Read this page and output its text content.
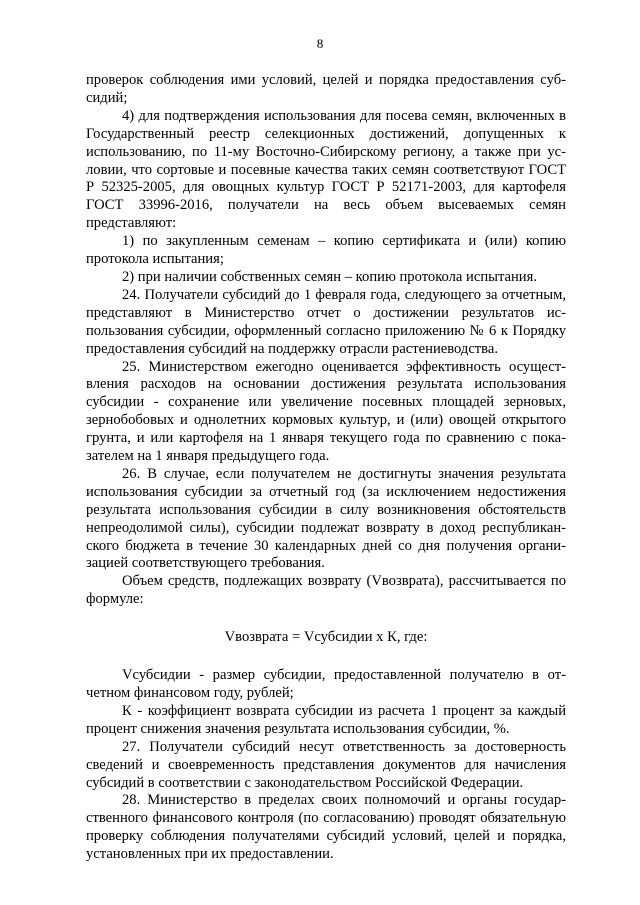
8

проверок соблюдения ими условий, целей и порядка предоставления субсидий;

4) для подтверждения использования для посева семян, включенных в Государственный реестр селекционных достижений, допущенных к использованию, по 11-му Восточно-Сибирскому региону, а также при условии, что сортовые и посевные качества таких семян соответствуют ГОСТ Р 52325-2005, для овощных культур ГОСТ Р 52171-2003, для картофеля ГОСТ 33996-2016, получатели на весь объем высеваемых семян представляют:

1) по закупленным семенам – копию сертификата и (или) копию протокола испытания;

2) при наличии собственных семян – копию протокола испытания.

24. Получатели субсидий до 1 февраля года, следующего за отчетным, представляют в Министерство отчет о достижении результатов использования субсидии, оформленный согласно приложению № 6 к Порядку предоставления субсидий на поддержку отрасли растениеводства.

25. Министерством ежегодно оценивается эффективность осуществления расходов на основании достижения результата использования субсидии - сохранение или увеличение посевных площадей зерновых, зернобобовых и однолетних кормовых культур, и (или) овощей открытого грунта, и или картофеля на 1 января текущего года по сравнению с показателем на 1 января предыдущего года.

26. В случае, если получателем не достигнуты значения результата использования субсидии за отчетный год (за исключением недостижения результата использования субсидии в силу возникновения обстоятельств непреодолимой силы), субсидии подлежат возврату в доход республиканского бюджета в течение 30 календарных дней со дня получения организацией соответствующего требования.

Объем средств, подлежащих возврату (Vвозврата), рассчитывается по формуле:

Vвозврата = Vсубсидии х К, где:

Vсубсидии - размер субсидии, предоставленной получателю в отчетном финансовом году, рублей;

К - коэффициент возврата субсидии из расчета 1 процент за каждый процент снижения значения результата использования субсидии, %.

27. Получатели субсидий несут ответственность за достоверность сведений и своевременность представления документов для начисления субсидий в соответствии с законодательством Российской Федерации.

28. Министерство в пределах своих полномочий и органы государственного финансового контроля (по согласованию) проводят обязательную проверку соблюдения получателями субсидий условий, целей и порядка, установленных при их предоставлении.
